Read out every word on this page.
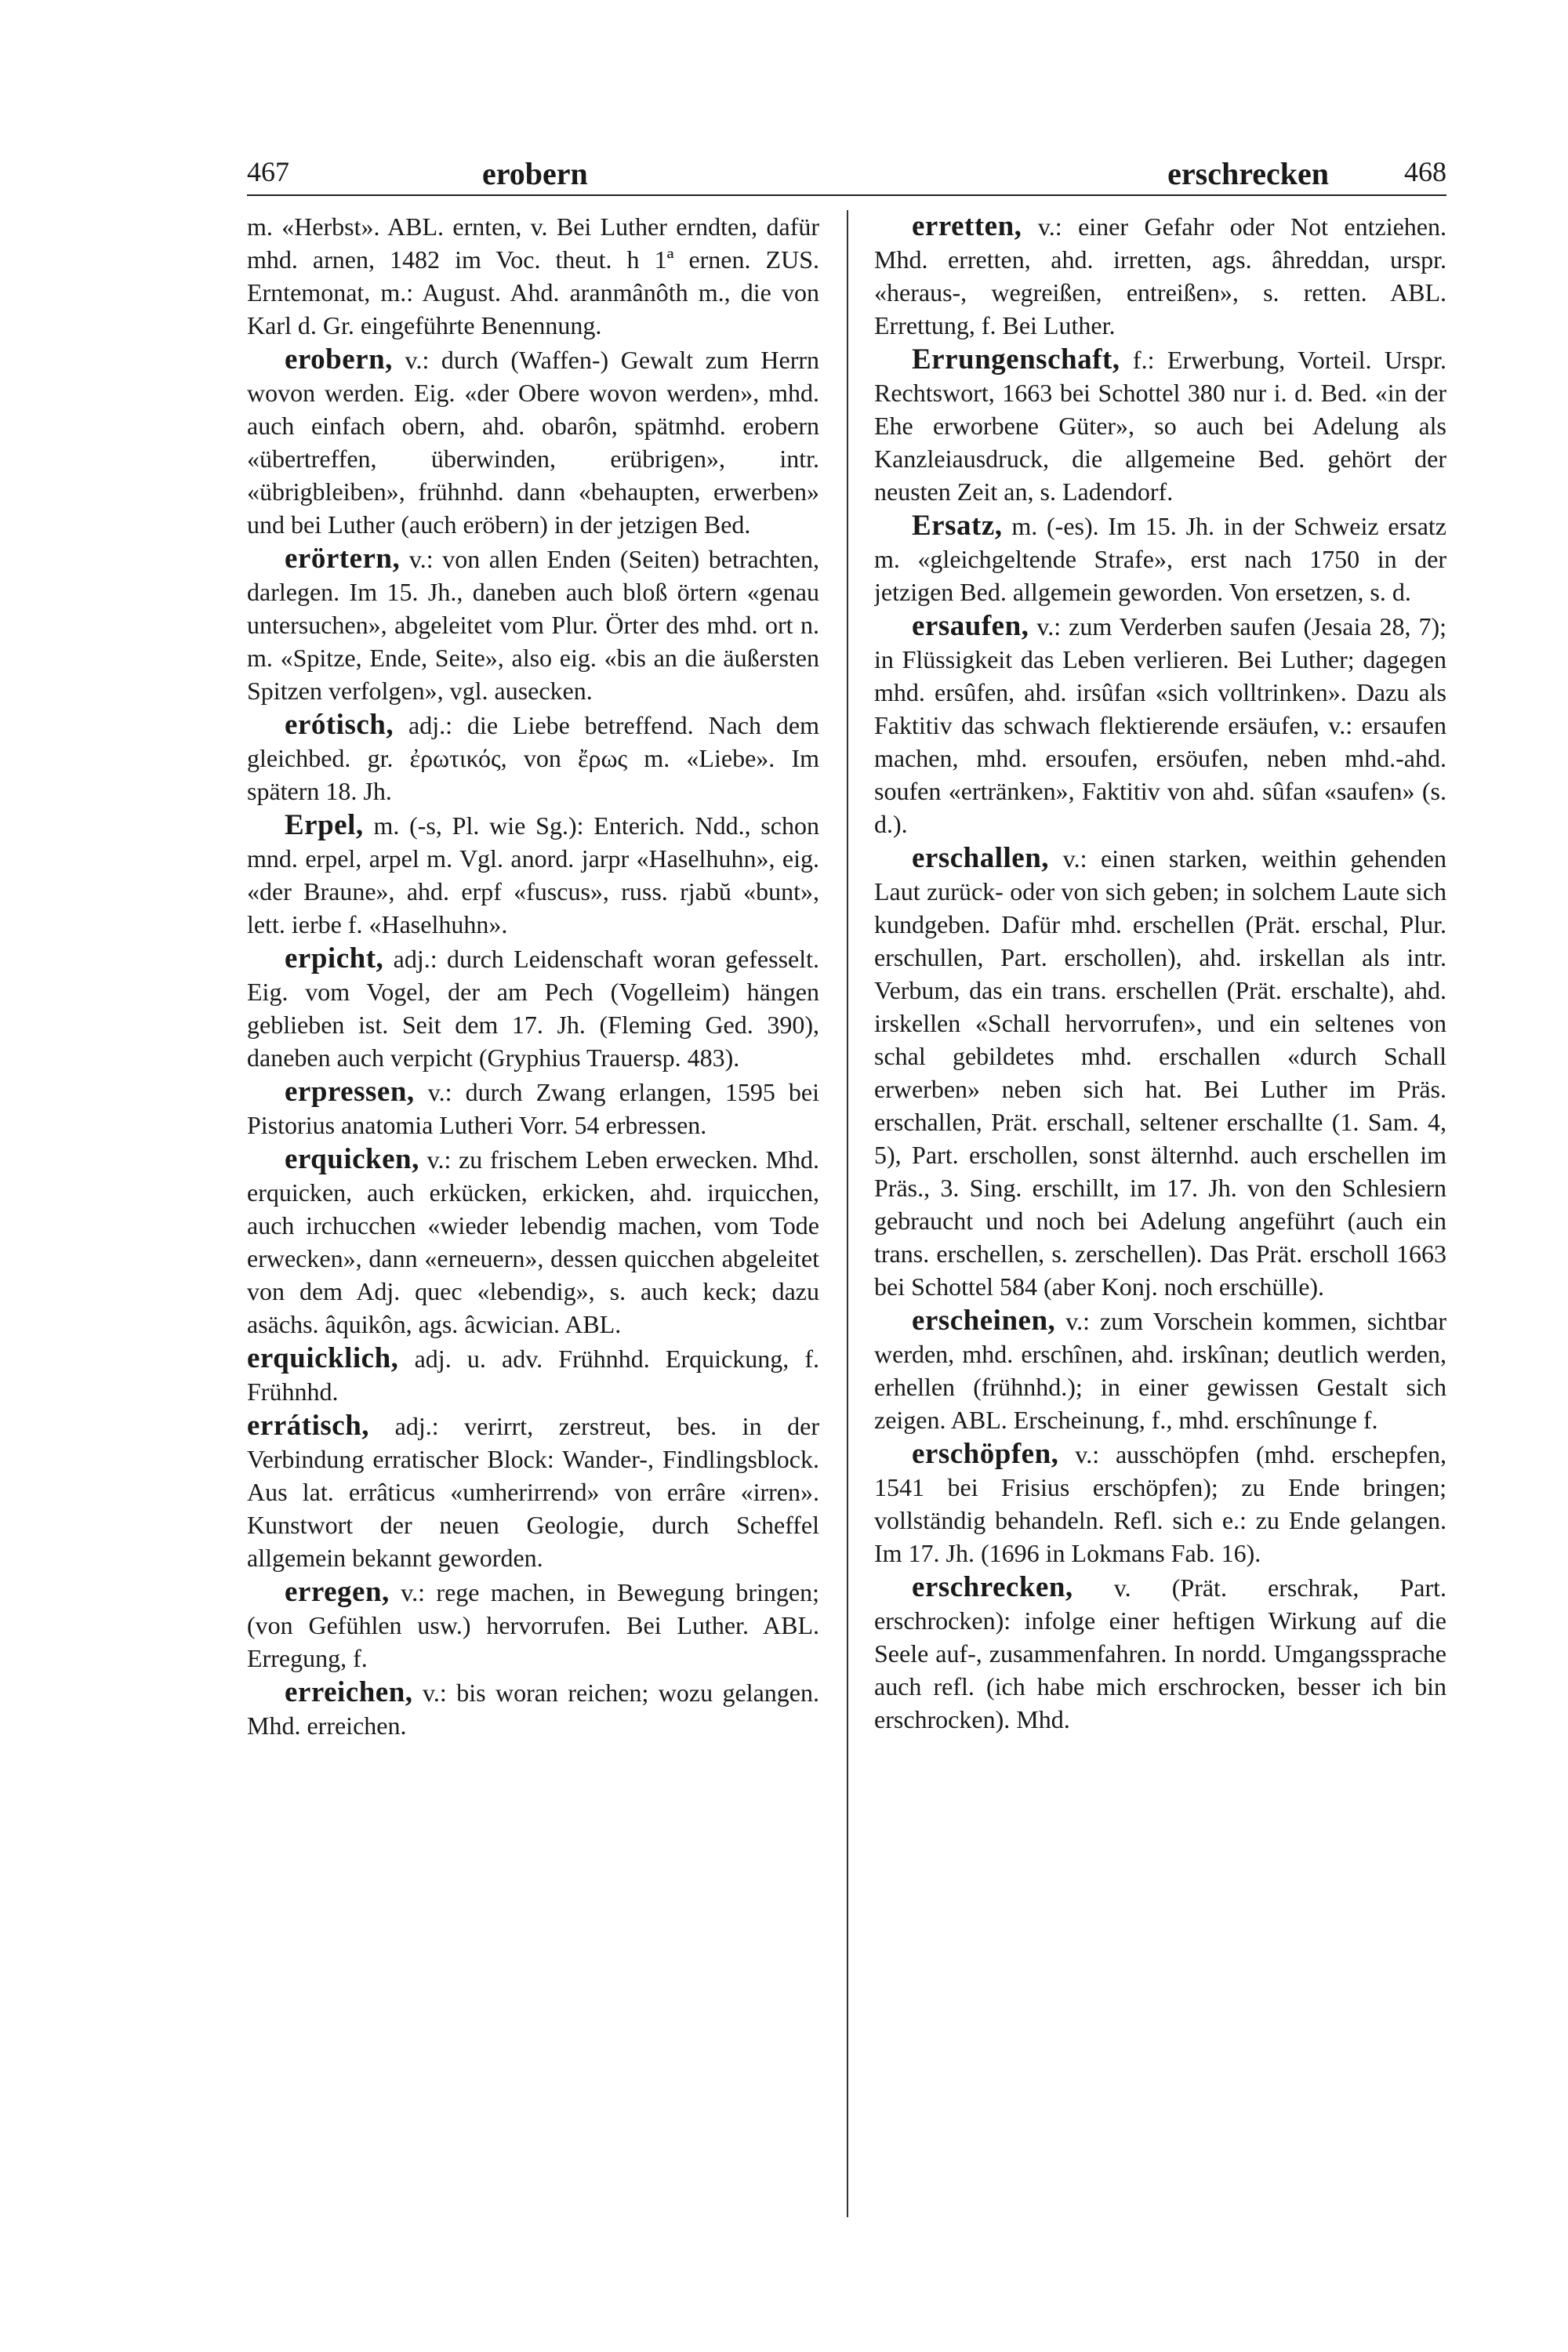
467	erobern	erschrecken	468

m. «Herbst». ABL. ernten, v. Bei Luther erndten, dafür mhd. arnen, 1482 im Voc. theut. h 1ª ernen. ZUS. Erntemonat, m.: August. Ahd. aranmânôth m., die von Karl d. Gr. eingeführte Benennung.

erobern, v.: durch (Waffen-) Gewalt zum Herrn wovon werden. Eig. «der Obere wovon werden», mhd. auch einfach obern, ahd. obarôn, spätmhd. erobern «übertreffen, überwinden, erübrigen», intr. «übrigbleiben», frühnhd. dann «behaupten, erwerben» und bei Luther (auch eröbern) in der jetzigen Bed.

erörtern, v.: von allen Enden (Seiten) betrachten, darlegen. Im 15. Jh., daneben auch bloß örtern «genau untersuchen», abgeleitet vom Plur. Örter des mhd. ort n. m. «Spitze, Ende, Seite», also eig. «bis an die äußersten Spitzen verfolgen», vgl. ausecken.

erótisch, adj.: die Liebe betreffend. Nach dem gleichbed. gr. ἐρωτικός, von ἔρως m. «Liebe». Im spätern 18. Jh.

Erpel, m. (-s, Pl. wie Sg.): Enterich. Ndd., schon mnd. erpel, arpel m. Vgl. anord. jarpr «Haselhuhn», eig. «der Braune», ahd. erpf «fuscus», russ. rjabŭ «bunt», lett. ierbe f. «Haselhuhn».

erpicht, adj.: durch Leidenschaft woran gefesselt. Eig. vom Vogel, der am Pech (Vogelleim) hängen geblieben ist. Seit dem 17. Jh. (Fleming Ged. 390), daneben auch verpicht (Gryphius Trauersp. 483).

erpressen, v.: durch Zwang erlangen, 1595 bei Pistorius anatomia Lutheri Vorr. 54 erbressen.

erquicken, v.: zu frischem Leben erwecken. Mhd. erquicken, auch erkücken, erkicken, ahd. irquicchen, auch irchucchen «wieder lebendig machen, vom Tode erwecken», dann «erneuern», dessen quicchen abgeleitet von dem Adj. quec «lebendig», s. auch keck; dazu asächs. âquikôn, ags. âcwician. ABL.

erquicklich, adj. u. adv. Frühnhd. Erquickung, f. Frühnhd.

errátisch, adj.: verirrt, zerstreut, bes. in der Verbindung erratischer Block: Wander-, Findlingsblock. Aus lat. errâticus «umherirrend» von errâre «irren». Kunstwort der neuen Geologie, durch Scheffel allgemein bekannt geworden.

erregen, v.: rege machen, in Bewegung bringen; (von Gefühlen usw.) hervorrufen. Bei Luther. ABL. Erregung, f.

erreichen, v.: bis woran reichen; wozu gelangen. Mhd. erreichen.

erretten, v.: einer Gefahr oder Not entziehen. Mhd. erretten, ahd. irretten, ags. âhreddan, urspr. «heraus-, wegreißen, entreißen», s. retten. ABL. Errettung, f. Bei Luther.

Errungenschaft, f.: Erwerbung, Vorteil. Urspr. Rechtswort, 1663 bei Schottel 380 nur i. d. Bed. «in der Ehe erworbene Güter», so auch bei Adelung als Kanzleiausdruck, die allgemeine Bed. gehört der neusten Zeit an, s. Ladendorf.

Ersatz, m. (-es). Im 15. Jh. in der Schweiz ersatz m. «gleichgeltende Strafe», erst nach 1750 in der jetzigen Bed. allgemein geworden. Von ersetzen, s. d.

ersaufen, v.: zum Verderben saufen (Jesaia 28, 7); in Flüssigkeit das Leben verlieren. Bei Luther; dagegen mhd. ersûfen, ahd. irsûfan «sich volltrinken». Dazu als Faktitiv das schwach flektierende ersäufen, v.: ersaufen machen, mhd. ersoufen, ersöufen, neben mhd.-ahd. soufen «ertränken», Faktitiv von ahd. sûfan «saufen» (s. d.).

erschallen, v.: einen starken, weithin gehenden Laut zurück- oder von sich geben; in solchem Laute sich kundgeben. Dafür mhd. erschellen (Prät. erschal, Plur. erschullen, Part. erschollen), ahd. irskellan als intr. Verbum, das ein trans. erschellen (Prät. erschalte), ahd. irskellen «Schall hervorrufen», und ein seltenes von schal gebildetes mhd. erschallen «durch Schall erwerben» neben sich hat. Bei Luther im Präs. erschallen, Prät. erschall, seltener erschallte (1. Sam. 4, 5), Part. erschollen, sonst älternhd. auch erschellen im Präs., 3. Sing. erschillt, im 17. Jh. von den Schlesiern gebraucht und noch bei Adelung angeführt (auch ein trans. erschellen, s. zerschellen). Das Prät. erscholl 1663 bei Schottel 584 (aber Konj. noch erschülle).

erscheinen, v.: zum Vorschein kommen, sichtbar werden, mhd. erschînen, ahd. irskînan; deutlich werden, erhellen (frühnhd.); in einer gewissen Gestalt sich zeigen. ABL. Erscheinung, f., mhd. erschînunge f.

erschöpfen, v.: ausschöpfen (mhd. erschepfen, 1541 bei Frisius erschöpfen); zu Ende bringen; vollständig behandeln. Refl. sich e.: zu Ende gelangen. Im 17. Jh. (1696 in Lokmans Fab. 16).

erschrecken, v. (Prät. erschrak, Part. erschrocken): infolge einer heftigen Wirkung auf die Seele auf-, zusammenfahren. In nordd. Umgangssprache auch refl. (ich habe mich erschrocken, besser ich bin erschrocken). Mhd.
